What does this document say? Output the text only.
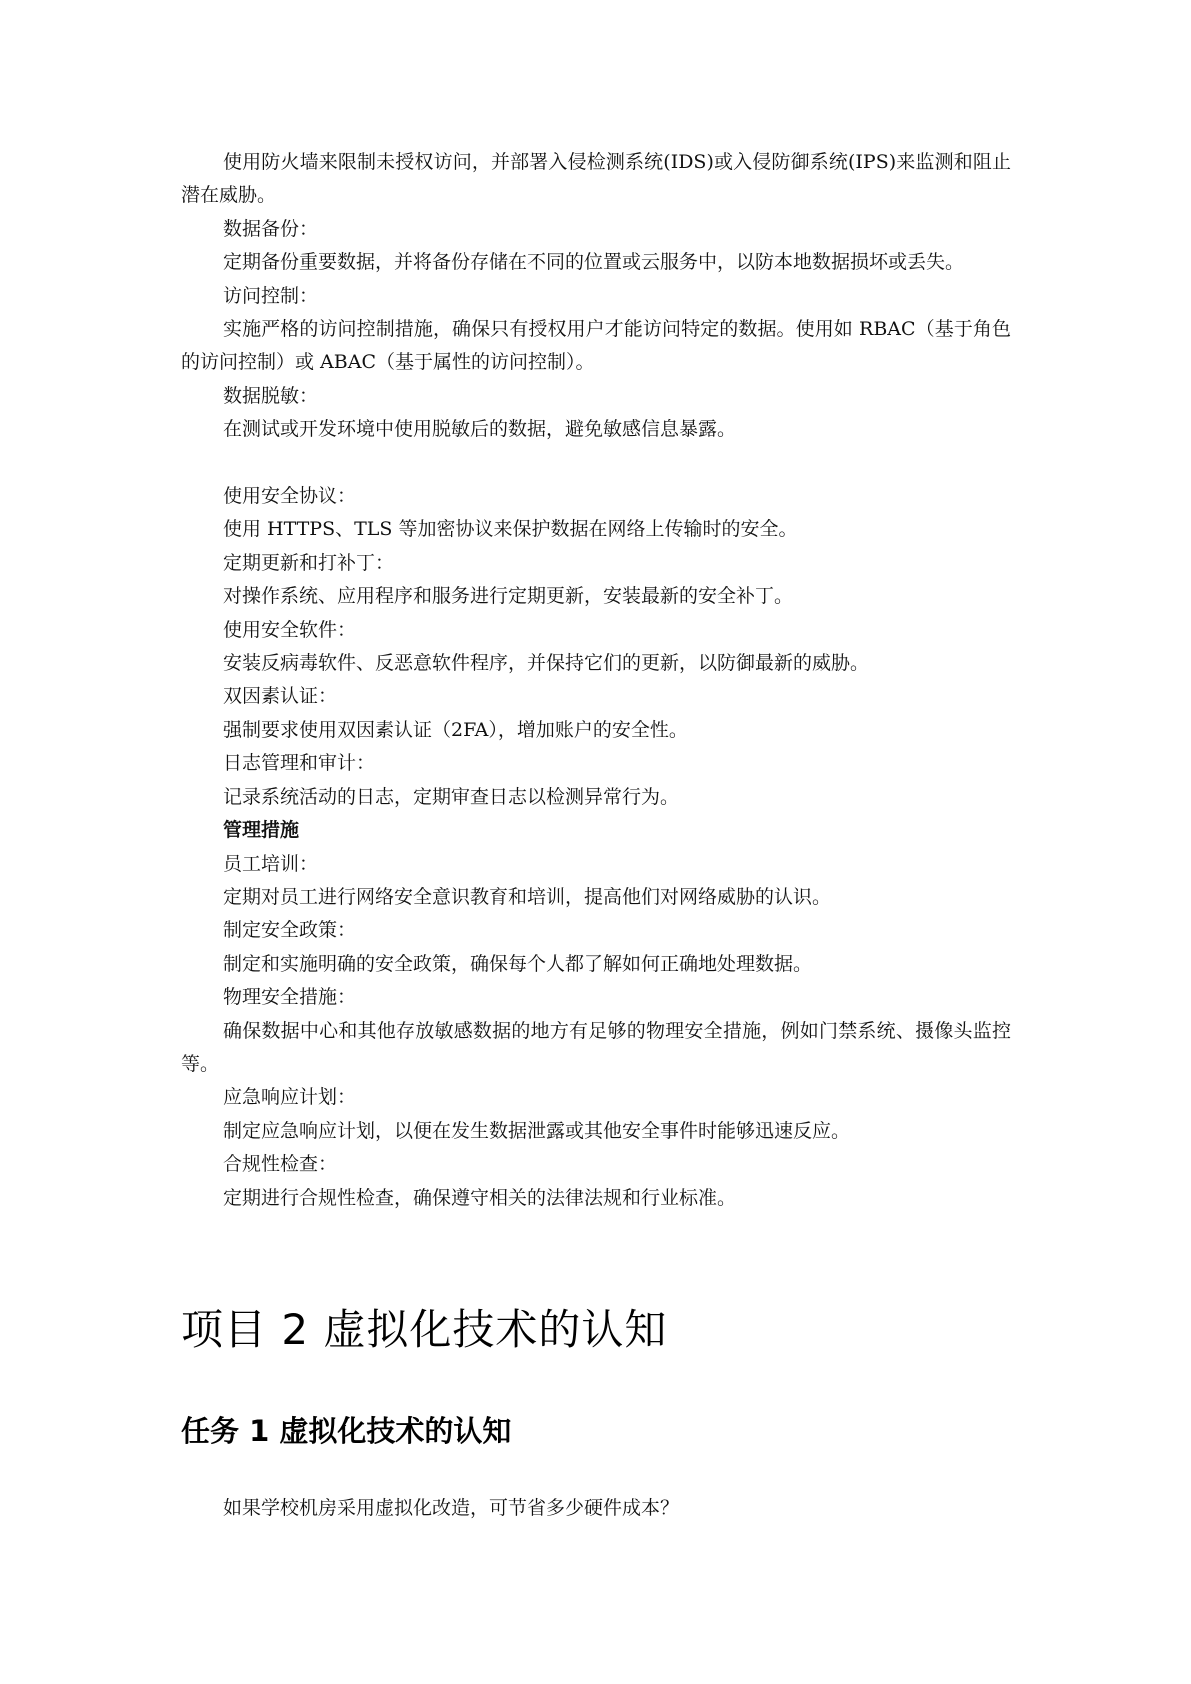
使用防火墙来限制未授权访问，并部署入侵检测系统(IDS)或入侵防御系统(IPS)来监测和阻止潜在威胁。

数据备份：

定期备份重要数据，并将备份存储在不同的位置或云服务中，以防本地数据损坏或丢失。

访问控制：

实施严格的访问控制措施，确保只有授权用户才能访问特定的数据。使用如 RBAC（基于角色的访问控制）或 ABAC（基于属性的访问控制）。

数据脱敏：

在测试或开发环境中使用脱敏后的数据，避免敏感信息暴露。

使用安全协议：

使用 HTTPS、TLS 等加密协议来保护数据在网络上传输时的安全。

定期更新和打补丁：

对操作系统、应用程序和服务进行定期更新，安装最新的安全补丁。

使用安全软件：

安装反病毒软件、反恶意软件程序，并保持它们的更新，以防御最新的威胁。

双因素认证：

强制要求使用双因素认证（2FA），增加账户的安全性。

日志管理和审计：

记录系统活动的日志，定期审查日志以检测异常行为。

管理措施

员工培训：

定期对员工进行网络安全意识教育和培训，提高他们对网络威胁的认识。

制定安全政策：

制定和实施明确的安全政策，确保每个人都了解如何正确地处理数据。

物理安全措施：

确保数据中心和其他存放敏感数据的地方有足够的物理安全措施，例如门禁系统、摄像头监控等。

应急响应计划：

制定应急响应计划，以便在发生数据泄露或其他安全事件时能够迅速反应。

合规性检查：

定期进行合规性检查，确保遵守相关的法律法规和行业标准。

项目 2 虚拟化技术的认知
任务 1 虚拟化技术的认知

如果学校机房采用虚拟化改造，可节省多少硬件成本？
